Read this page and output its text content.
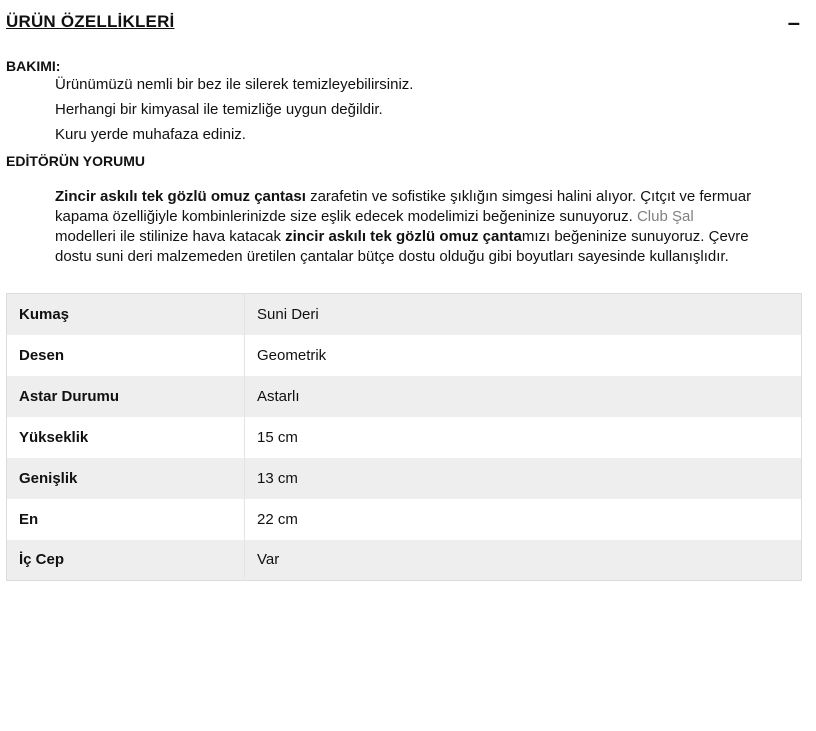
ÜRÜN ÖZELLİKLERİ	–
BAKIMI:
Ürünümüzü nemli bir bez ile silerek temizleyebilirsiniz.
Herhangi bir kimyasal ile temizliğe uygun değildir.
Kuru yerde muhafaza ediniz.
EDİTÖRÜN YORUMU

Zincir askılı tek gözlü omuz çantası zarafetin ve sofistike şıklığın simgesi halini alıyor. Çıtçıt ve fermuar
kapama özelliğiyle kombinlerinizde size eşlik edecek modelimizi beğeninize sunuyoruz. Club Şal
modelleri ile stilinize hava katacak zincir askılı tek gözlü omuz çantamızı beğeninize sunuyoruz. Çevre
dostu suni deri malzemeden üretilen çantalar bütçe dostu olduğu gibi boyutları sayesinde kullanışlıdır.

Kumaş	Suni Deri
Desen	Geometrik
Astar Durumu	Astarlı
Yükseklik	15 cm
Genişlik	13 cm
En	22 cm
İç Cep	Var
